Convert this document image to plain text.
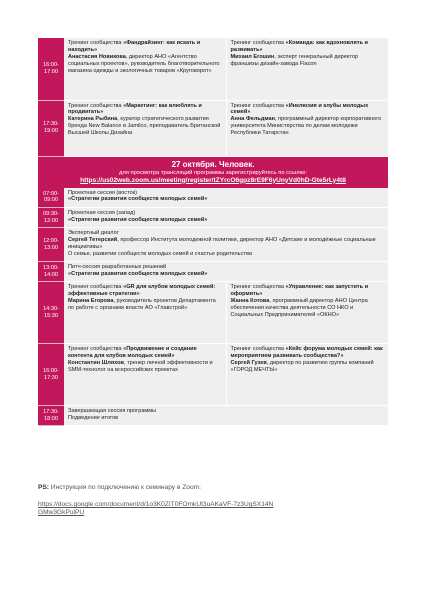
16:00-
17:00	Тренинг сообщества «Фандрайзинг: как искать и находить»
Анастасия Новикова, директор АНО «Агентство социальных проектов», руководитель благотворительного магазина одежды и экологичных товаров «Круговорот»	Тренинг сообщества «Команда: как вдохновлять и развивать»
Михаил Егошин, эксперт генеральный директор франшизы дизайн-завода Flacon
17:30-
19:00	Тренинг сообщества «Маркетинг: как влюблять и продвигать»
Катерина Рыбина, куратор стратегического развития бренда New Balance в Jamilco, преподаватель Британской Высшей Школы Дизайна	Тренинг сообщества «Инклюзия и клубы молодых семей»
Анна Фельдман, программный директор корпоративного университета Министерства по делам молодежи Республики Татарстан

27 октября. Человек.
для просмотра трансляций программы зарегистрируйтесь по ссылке:
https://us02web.zoom.us/meeting/register/tZYrcO6gpz8rE9F6yUnyVd0hD-Gte5rLy4t8		

07:00-
09:00	Проектная сессия (восток)
«Стратегии развития сообществ молодых семей»	
09:30-
12:00	Проектная сессия (запад)
«Стратегии развития сообществ молодых семей»	
12:00-
13:00	Экспертный диалог
Сергей Тетерский, профессор Института молодежной политики, директор АНО «Детские и молодёжные социальные инициативы»
О семье, развитии сообществ молодых семей и счастье родительства	
13:00-
14:00	Питч-сессия разработанных решений
«Стратегии развития сообществ молодых семей»	
14:30-
15:30	Тренинг сообщества «GR для клубов молодых семей: эффективные стратегии»
Марина Егорова, руководитель проектов Департамента по работе с органами власти АО «Главстрой»	Тренинг сообщества «Управление: как запустить и оформить»
Жанна Котова, программный директор АНО Центра обеспечения качества деятельности СО НКО и Социальных Предпринимателей «ОКНО»
16:00-
17:30	Тренинг сообщества «Продвижение и создание контента для клубов молодых семей»
Константин Шляхов, тренер личной эффективности и SMM-технолог на всероссийских проектах	Тренинг сообщества «Кейс форума молодых семей: как мероприятием развивать сообщества?»
Сергей Гузев, директор по развитию группы компаний «ГОРОД МЕЧТЫ»
17:30-
18:00	Завершающая сессия программы
Подведение итогов	
PS: Инструкция по подключению к семинару в Zoom:
https://docs.google.com/document/d/1o3K0ZIT0FOmkUt3uAKaVF-7z3UgSX14NGMw3GkPulPU
